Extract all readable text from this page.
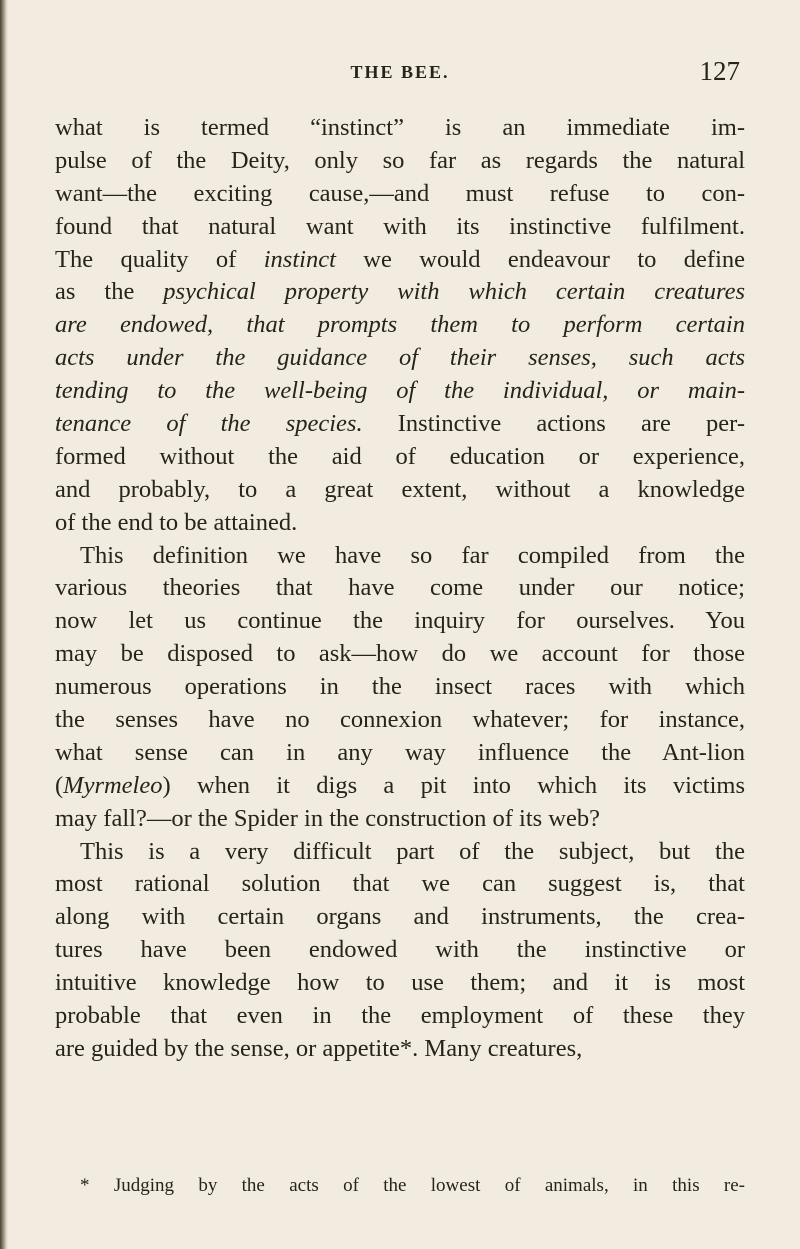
THE BEE.	127
what is termed “instinct” is an immediate im-
pulse of the Deity, only so far as regards the natural
want—the exciting cause,—and must refuse to con-
found that natural want with its instinctive fulfilment.
The quality of instinct we would endeavour to define
as the psychical property with which certain creatures
are endowed, that prompts them to perform certain
acts under the guidance of their senses, such acts
tending to the well-being of the individual, or main-
tenance of the species. Instinctive actions are per-
formed without the aid of education or experience,
and probably, to a great extent, without a knowledge
of the end to be attained.
This definition we have so far compiled from the
various theories that have come under our notice;
now let us continue the inquiry for ourselves. You
may be disposed to ask—how do we account for those
numerous operations in the insect races with which
the senses have no connexion whatever; for instance,
what sense can in any way influence the Ant-lion
(Myrmeleo) when it digs a pit into which its victims
may fall?—or the Spider in the construction of its web?
This is a very difficult part of the subject, but the
most rational solution that we can suggest is, that
along with certain organs and instruments, the crea-
tures have been endowed with the instinctive or
intuitive knowledge how to use them; and it is most
probable that even in the employment of these they
are guided by the sense, or appetite*. Many creatures,
* Judging by the acts of the lowest of animals, in this re-
